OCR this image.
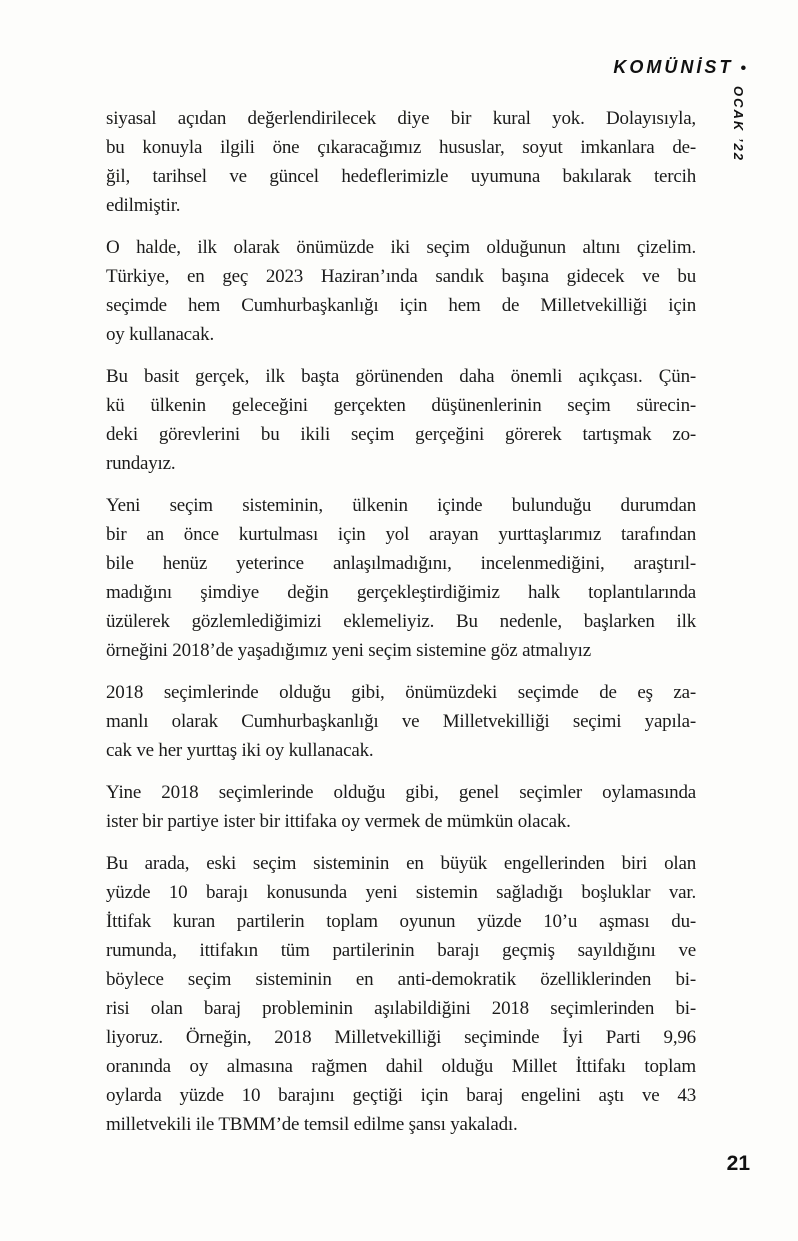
KOMÜNİST •
OCAK ’22
siyasal açıdan değerlendirilecek diye bir kural yok. Dolayısıyla,
bu konuyla ilgili öne çıkaracağımız hususlar, soyut imkanlara de-
ğil, tarihsel ve güncel hedeflerimizle uyumuna bakılarak tercih
edilmiştir.
O halde, ilk olarak önümüzde iki seçim olduğunun altını çizelim.
Türkiye, en geç 2023 Haziran’ında sandık başına gidecek ve bu
seçimde hem Cumhurbaşkanlığı için hem de Milletvekilliği için
oy kullanacak.
Bu basit gerçek, ilk başta görünenden daha önemli açıkçası. Çün-
kü ülkenin geleceğini gerçekten düşünenlerinin seçim sürecin-
deki görevlerini bu ikili seçim gerçeğini görerek tartışmak zo-
rundayız.
Yeni seçim sisteminin, ülkenin içinde bulunduğu durumdan
bir an önce kurtulması için yol arayan yurttaşlarımız tarafından
bile henüz yeterince anlaşılmadığını, incelenmediğini, araştırıl-
madığını şimdiye değin gerçekleştirdiğimiz halk toplantılarında
üzülerek gözlemlediğimizi eklemeliyiz. Bu nedenle, başlarken ilk
örneğini 2018’de yaşadığımız yeni seçim sistemine göz atmalıyız
2018 seçimlerinde olduğu gibi, önümüzdeki seçimde de eş za-
manlı olarak Cumhurbaşkanlığı ve Milletvekilliği seçimi yapıla-
cak ve her yurttaş iki oy kullanacak.
Yine 2018 seçimlerinde olduğu gibi, genel seçimler oylamasında
ister bir partiye ister bir ittifaka oy vermek de mümkün olacak.
Bu arada, eski seçim sisteminin en büyük engellerinden biri olan
yüzde 10 barajı konusunda yeni sistemin sağladığı boşluklar var.
İttifak kuran partilerin toplam oyunun yüzde 10’u aşması du-
rumunda, ittifakın tüm partilerinin barajı geçmiş sayıldığını ve
böylece seçim sisteminin en anti-demokratik özelliklerinden bi-
risi olan baraj probleminin aşılabildiğini 2018 seçimlerinden bi-
liyoruz. Örneğin, 2018 Milletvekilliği seçiminde İyi Parti 9,96
oranında oy almasına rağmen dahil olduğu Millet İttifakı toplam
oylarda yüzde 10 barajını geçtiği için baraj engelini aştı ve 43
milletvekili ile TBMM’de temsil edilme şansı yakaladı.
21
